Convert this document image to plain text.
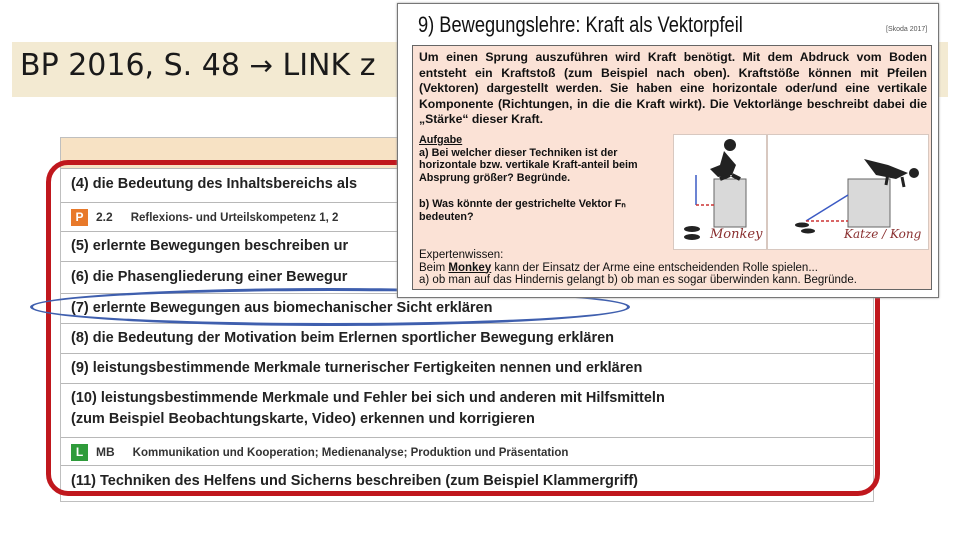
BP 2016, S. 48 → LINK z
(4) die Bedeutung des Inhaltsbereichs als
P 2.2 Reflexions- und Urteilskompetenz 1, 2
(5) erlernte Bewegungen beschreiben ur
(6) die Phasengliederung einer Bewegur
(7) erlernte Bewegungen aus biomechanischer Sicht erklären
(8) die Bedeutung der Motivation beim Erlernen sportlicher Bewegung erklären
(9) leistungsbestimmende Merkmale turnerischer Fertigkeiten nennen und erklären
(10) leistungsbestimmende Merkmale und Fehler bei sich und anderen mit Hilfsmitteln
(zum Beispiel Beobachtungskarte, Video) erkennen und korrigieren
L MB Kommunikation und Kooperation; Medienanalyse; Produktion und Präsentation
(11) Techniken des Helfens und Sicherns beschreiben (zum Beispiel Klammergriff)
9) Bewegungslehre: Kraft als Vektorpfeil	[Skoda 2017]
Um einen Sprung auszuführen wird Kraft benötigt. Mit dem Abdruck vom Boden entsteht ein Kraftstoß (zum Beispiel nach oben). Kraftstöße können mit Pfeilen (Vektoren) dargestellt werden. Sie haben eine horizontale oder/und eine vertikale Komponente (Richtungen, in die die Kraft wirkt). Die Vektorlänge beschreibt dabei die „Stärke“ dieser Kraft.
Aufgabe
a) Bei welcher dieser Techniken ist der horizontale bzw. vertikale Kraft-anteil beim Absprung größer? Begründe.
b) Was könnte der gestrichelte Vektor Fₙ bedeuten?
Monkey	Katze / Kong
Expertenwissen:
Beim Monkey kann der Einsatz der Arme eine entscheidenden Rolle spielen...
a) ob man auf das Hindernis gelangt b) ob man es sogar überwinden kann. Begründe.
